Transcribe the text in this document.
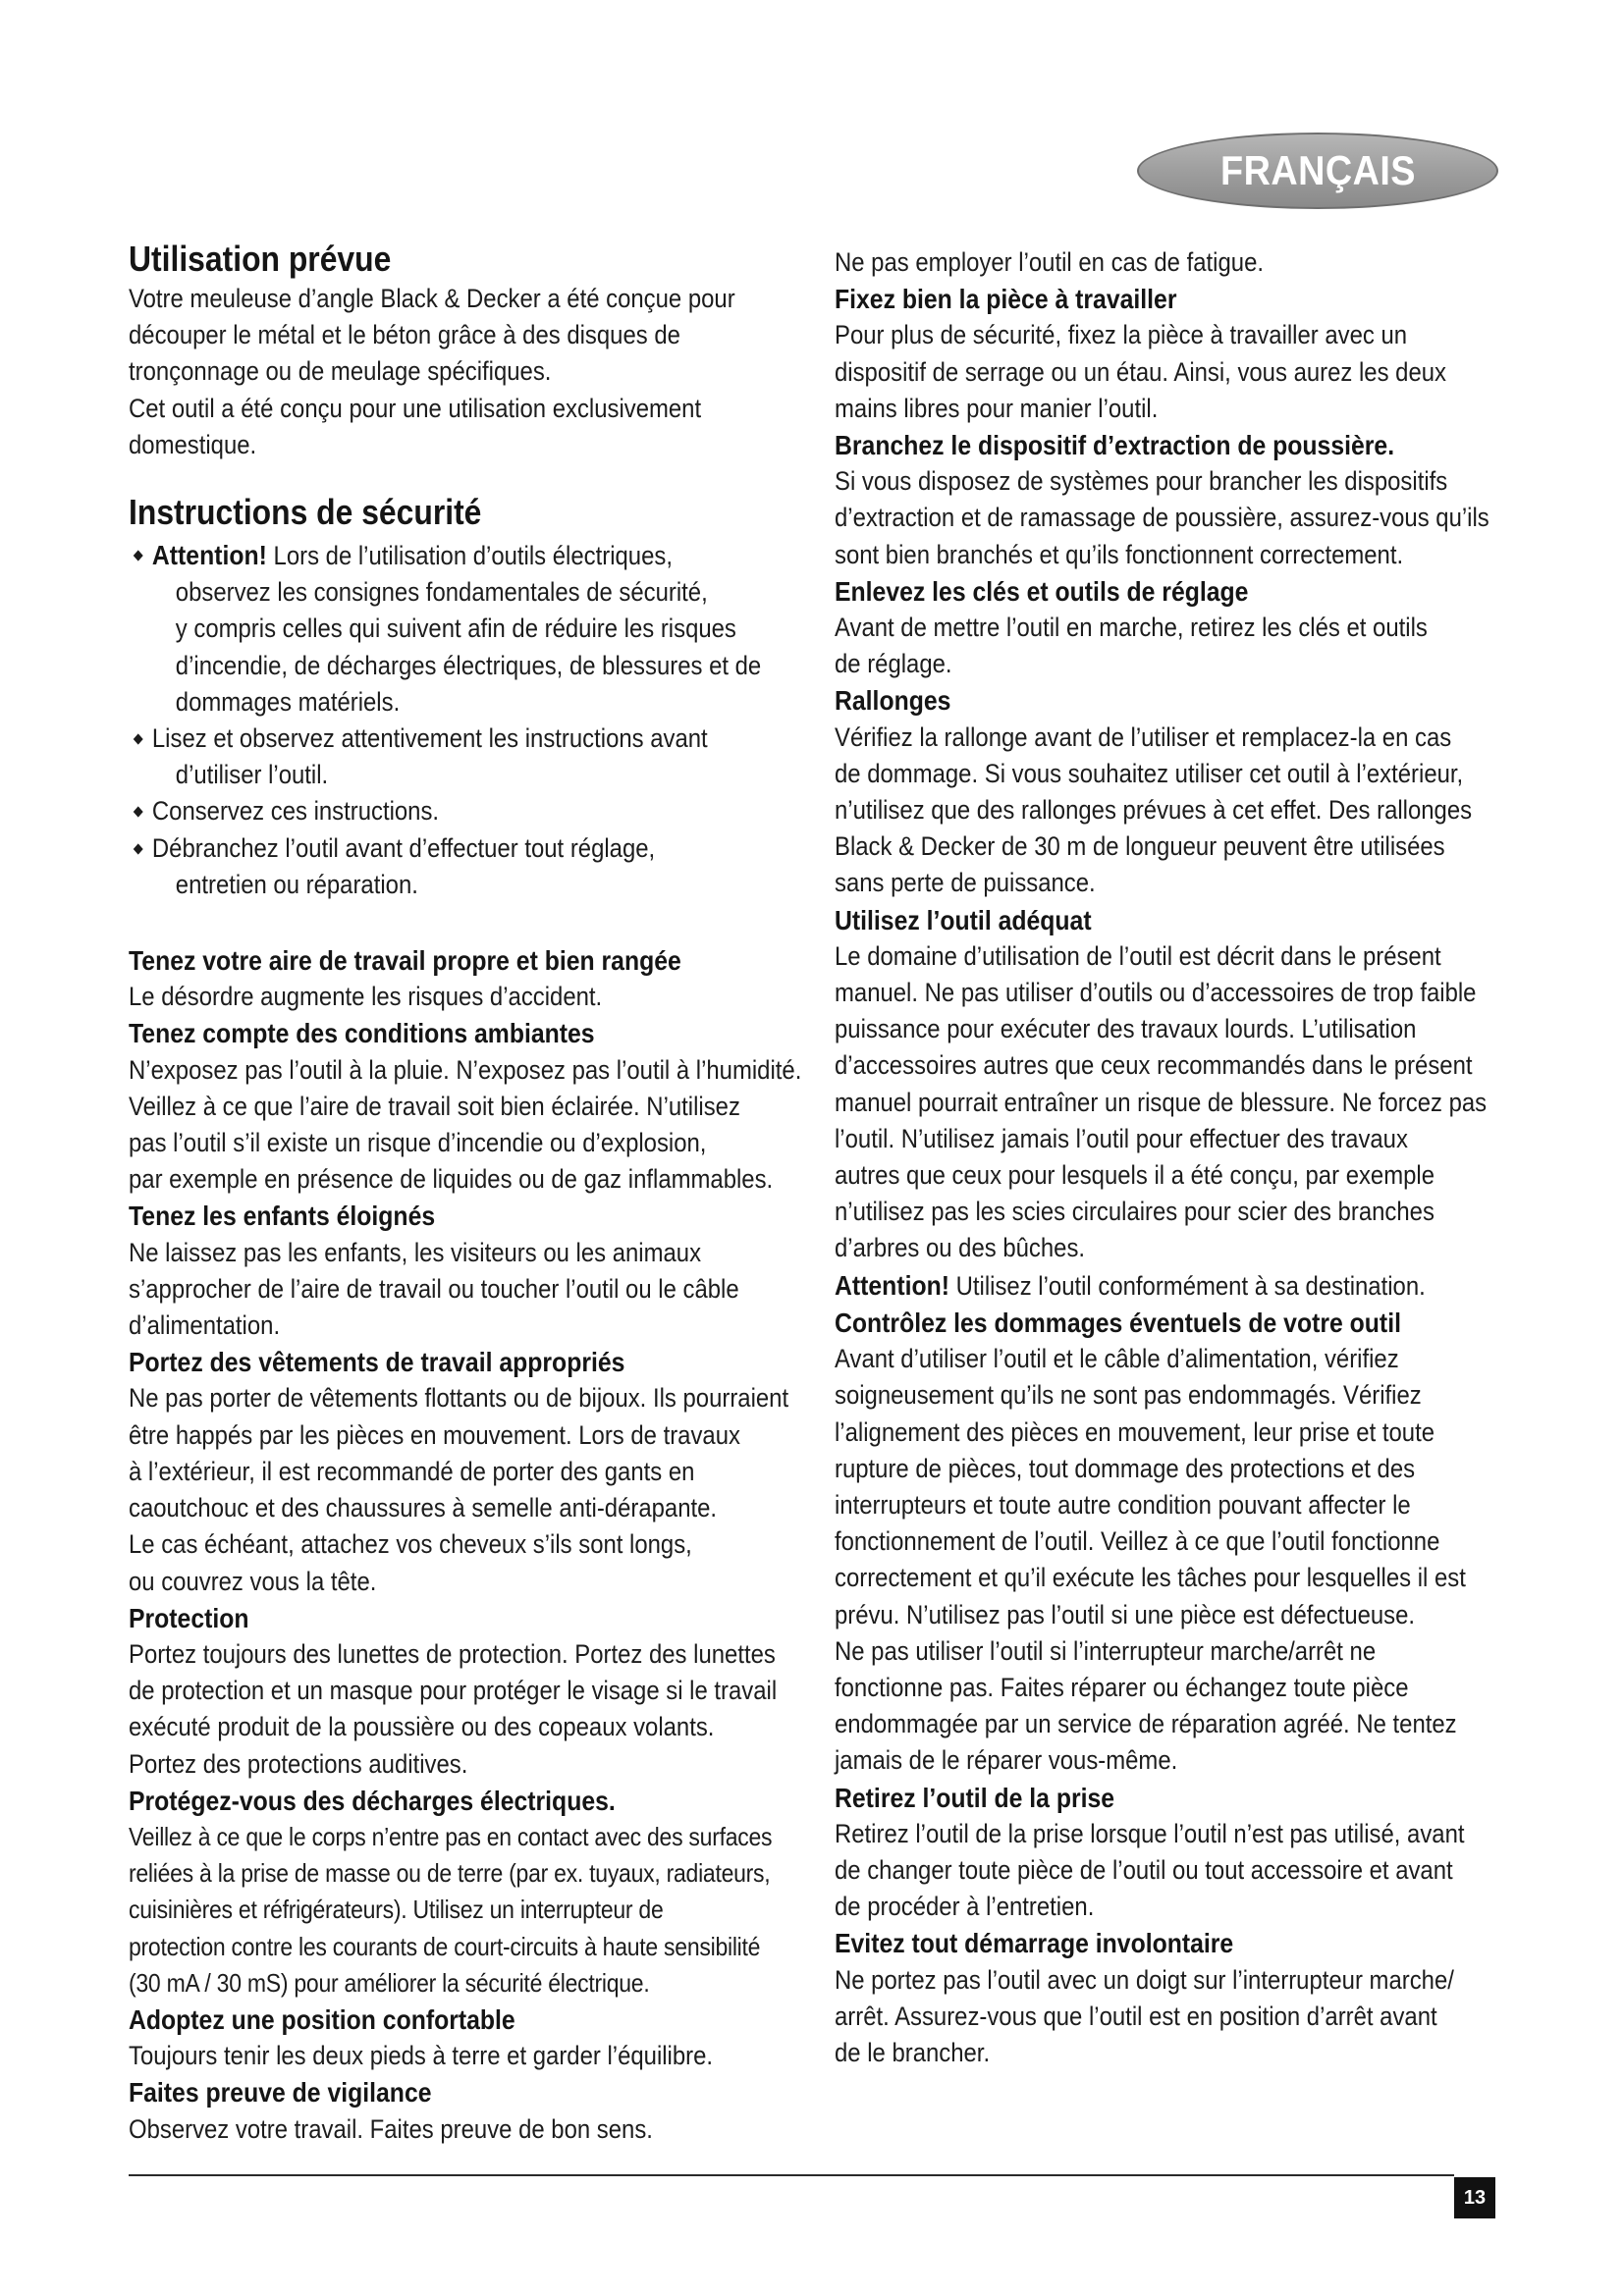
FRANÇAIS
Utilisation prévue
Votre meuleuse d’angle Black & Decker a été conçue pour
découper le métal et le béton grâce à des disques de
tronçonnage ou de meulage spécifiques.
Cet outil a été conçu pour une utilisation exclusivement
domestique.
Instructions de sécurité
Attention! Lors de l’utilisation d’outils électriques,
observez les consignes fondamentales de sécurité,
y compris celles qui suivent afin de réduire les risques
d’incendie, de décharges électriques, de blessures et de
dommages matériels.
Lisez et observez attentivement les instructions avant
d’utiliser l’outil.
Conservez ces instructions.
Débranchez l’outil avant d’effectuer tout réglage,
entretien ou réparation.
Tenez votre aire de travail propre et bien rangée
Le désordre augmente les risques d’accident.
Tenez compte des conditions ambiantes
N’exposez pas l’outil à la pluie. N’exposez pas l’outil à l’humidité.
Veillez à ce que l’aire de travail soit bien éclairée. N’utilisez
pas l’outil s’il existe un risque d’incendie ou d’explosion,
par exemple en présence de liquides ou de gaz inflammables.
Tenez les enfants éloignés
Ne laissez pas les enfants, les visiteurs ou les animaux
s’approcher de l’aire de travail ou toucher l’outil ou le câble
d’alimentation.
Portez des vêtements de travail appropriés
Ne pas porter de vêtements flottants ou de bijoux. Ils pourraient
être happés par les pièces en mouvement. Lors de travaux
à l’extérieur, il est recommandé de porter des gants en
caoutchouc et des chaussures à semelle anti-dérapante.
Le cas échéant, attachez vos cheveux s’ils sont longs,
ou couvrez vous la tête.
Protection
Portez toujours des lunettes de protection. Portez des lunettes
de protection et un masque pour protéger le visage si le travail
exécuté produit de la poussière ou des copeaux volants.
Portez des protections auditives.
Protégez-vous des décharges électriques.
Veillez à ce que le corps n’entre pas en contact avec des surfaces
reliées à la prise de masse ou de terre (par ex. tuyaux, radiateurs,
cuisinières et réfrigérateurs). Utilisez un interrupteur de
protection contre les courants de court-circuits à haute sensibilité
(30 mA / 30 mS) pour améliorer la sécurité électrique.
Adoptez une position confortable
Toujours tenir les deux pieds à terre et garder l’équilibre.
Faites preuve de vigilance
Observez votre travail. Faites preuve de bon sens.
Ne pas employer l’outil en cas de fatigue.
Fixez bien la pièce à travailler
Pour plus de sécurité, fixez la pièce à travailler avec un
dispositif de serrage ou un étau. Ainsi, vous aurez les deux
mains libres pour manier l’outil.
Branchez le dispositif d’extraction de poussière.
Si vous disposez de systèmes pour brancher les dispositifs
d’extraction et de ramassage de poussière, assurez-vous qu’ils
sont bien branchés et qu’ils fonctionnent correctement.
Enlevez les clés et outils de réglage
Avant de mettre l’outil en marche, retirez les clés et outils
de réglage.
Rallonges
Vérifiez la rallonge avant de l’utiliser et remplacez-la en cas
de dommage. Si vous souhaitez utiliser cet outil à l’extérieur,
n’utilisez que des rallonges prévues à cet effet. Des rallonges
Black & Decker de 30 m de longueur peuvent être utilisées
sans perte de puissance.
Utilisez l’outil adéquat
Le domaine d’utilisation de l’outil est décrit dans le présent
manuel. Ne pas utiliser d’outils ou d’accessoires de trop faible
puissance pour exécuter des travaux lourds. L’utilisation
d’accessoires autres que ceux recommandés dans le présent
manuel pourrait entraîner un risque de blessure. Ne forcez pas
l’outil. N’utilisez jamais l’outil pour effectuer des travaux
autres que ceux pour lesquels il a été conçu, par exemple
n’utilisez pas les scies circulaires pour scier des branches
d’arbres ou des bûches.
Attention! Utilisez l’outil conformément à sa destination.
Contrôlez les dommages éventuels de votre outil
Avant d’utiliser l’outil et le câble d’alimentation, vérifiez
soigneusement qu’ils ne sont pas endommagés. Vérifiez
l’alignement des pièces en mouvement, leur prise et toute
rupture de pièces, tout dommage des protections et des
interrupteurs et toute autre condition pouvant affecter le
fonctionnement de l’outil. Veillez à ce que l’outil fonctionne
correctement et qu’il exécute les tâches pour lesquelles il est
prévu. N’utilisez pas l’outil si une pièce est défectueuse.
Ne pas utiliser l’outil si l’interrupteur marche/arrêt ne
fonctionne pas. Faites réparer ou échangez toute pièce
endommagée par un service de réparation agréé. Ne tentez
jamais de le réparer vous-même.
Retirez l’outil de la prise
Retirez l’outil de la prise lorsque l’outil n’est pas utilisé, avant
de changer toute pièce de l’outil ou tout accessoire et avant
de procéder à l’entretien.
Evitez tout démarrage involontaire
Ne portez pas l’outil avec un doigt sur l’interrupteur marche/
arrêt. Assurez-vous que l’outil est en position d’arrêt avant
de le brancher.
13
